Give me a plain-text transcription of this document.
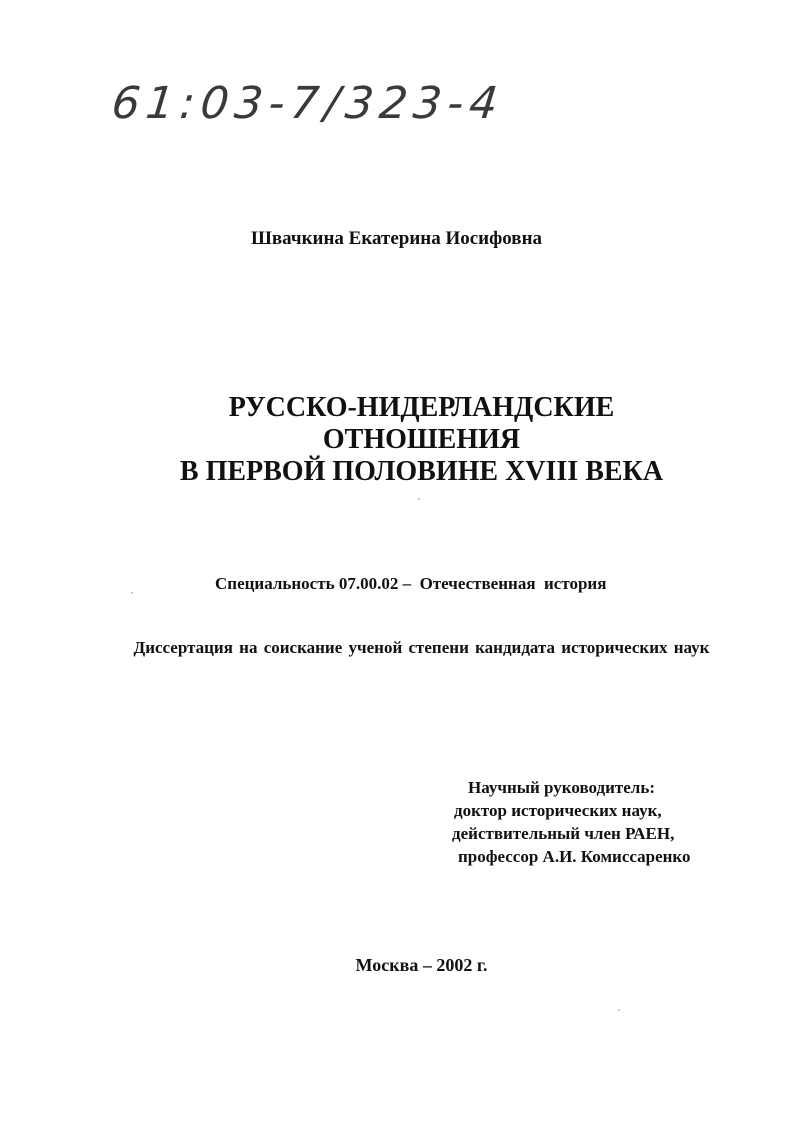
61:03-7/323-4
Швачкина Екатерина Иосифовна
РУССКО-НИДЕРЛАНДСКИЕ
ОТНОШЕНИЯ
В ПЕРВОЙ ПОЛОВИНЕ XVIII ВЕКА
Специальность 07.00.02 –  Отечественная  история
Диссертация на соискание ученой степени кандидата исторических наук
Научный руководитель:
доктор исторических наук,
действительный член РАЕН,
профессор А.И. Комиссаренко
Москва – 2002 г.
